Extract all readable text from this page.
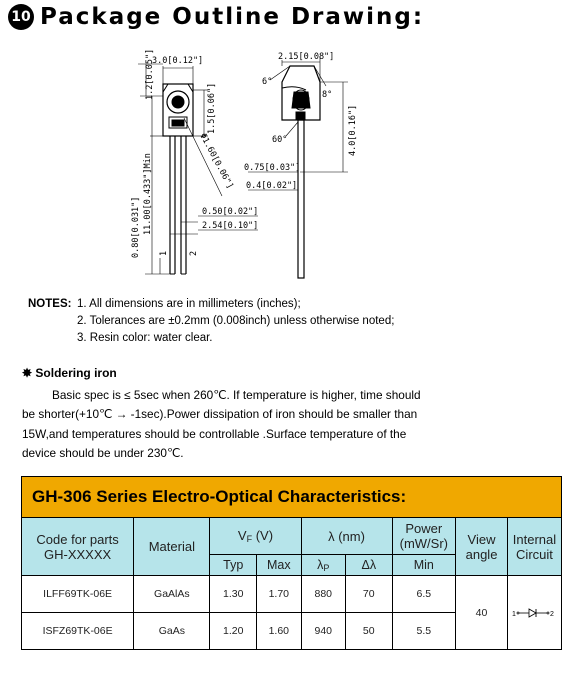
10 Package Outline Drawing:
3.0[0.12"]
1.2[0.05"]
1.5[0.06"]
Φ1.60[0.06"]
11.00[0.433"]Min
0.80[0.031"]	0.50[0.02"]
2.54[0.10"]
1 2
2.15[0.08"]
6°
8°
60°	4.0[0.16"]
0.75[0.03"]
0.4[0.02"]
NOTES: 1. All dimensions are in millimeters (inches);
2. Tolerances are ±0.2mm (0.008inch) unless otherwise noted;
3. Resin color: water clear.
✸ Soldering iron
Basic spec is ≤ 5sec when 260℃. If temperature is higher, time should
be shorter(+10℃ → -1sec).Power dissipation of iron should be smaller than
15W,and temperatures should be controllable .Surface temperature of the
device should be under 230℃.
GH-306 Series Electro-Optical Characteristics:								
Code for parts
GH-XXXXX	Material	$V_F$ (V)		λ (nm)		Power
(mW/Sr)	View
angle	Internal
Circuit
		Typ	Max	$\lambda_P$	Δλ	Min		
ILFF69TK-06E	GaAlAs	1.30	1.70	880	70	6.5	40	1 2

ISFZ69TK-06E	GaAs	1.20	1.60	940	50	5.5		
